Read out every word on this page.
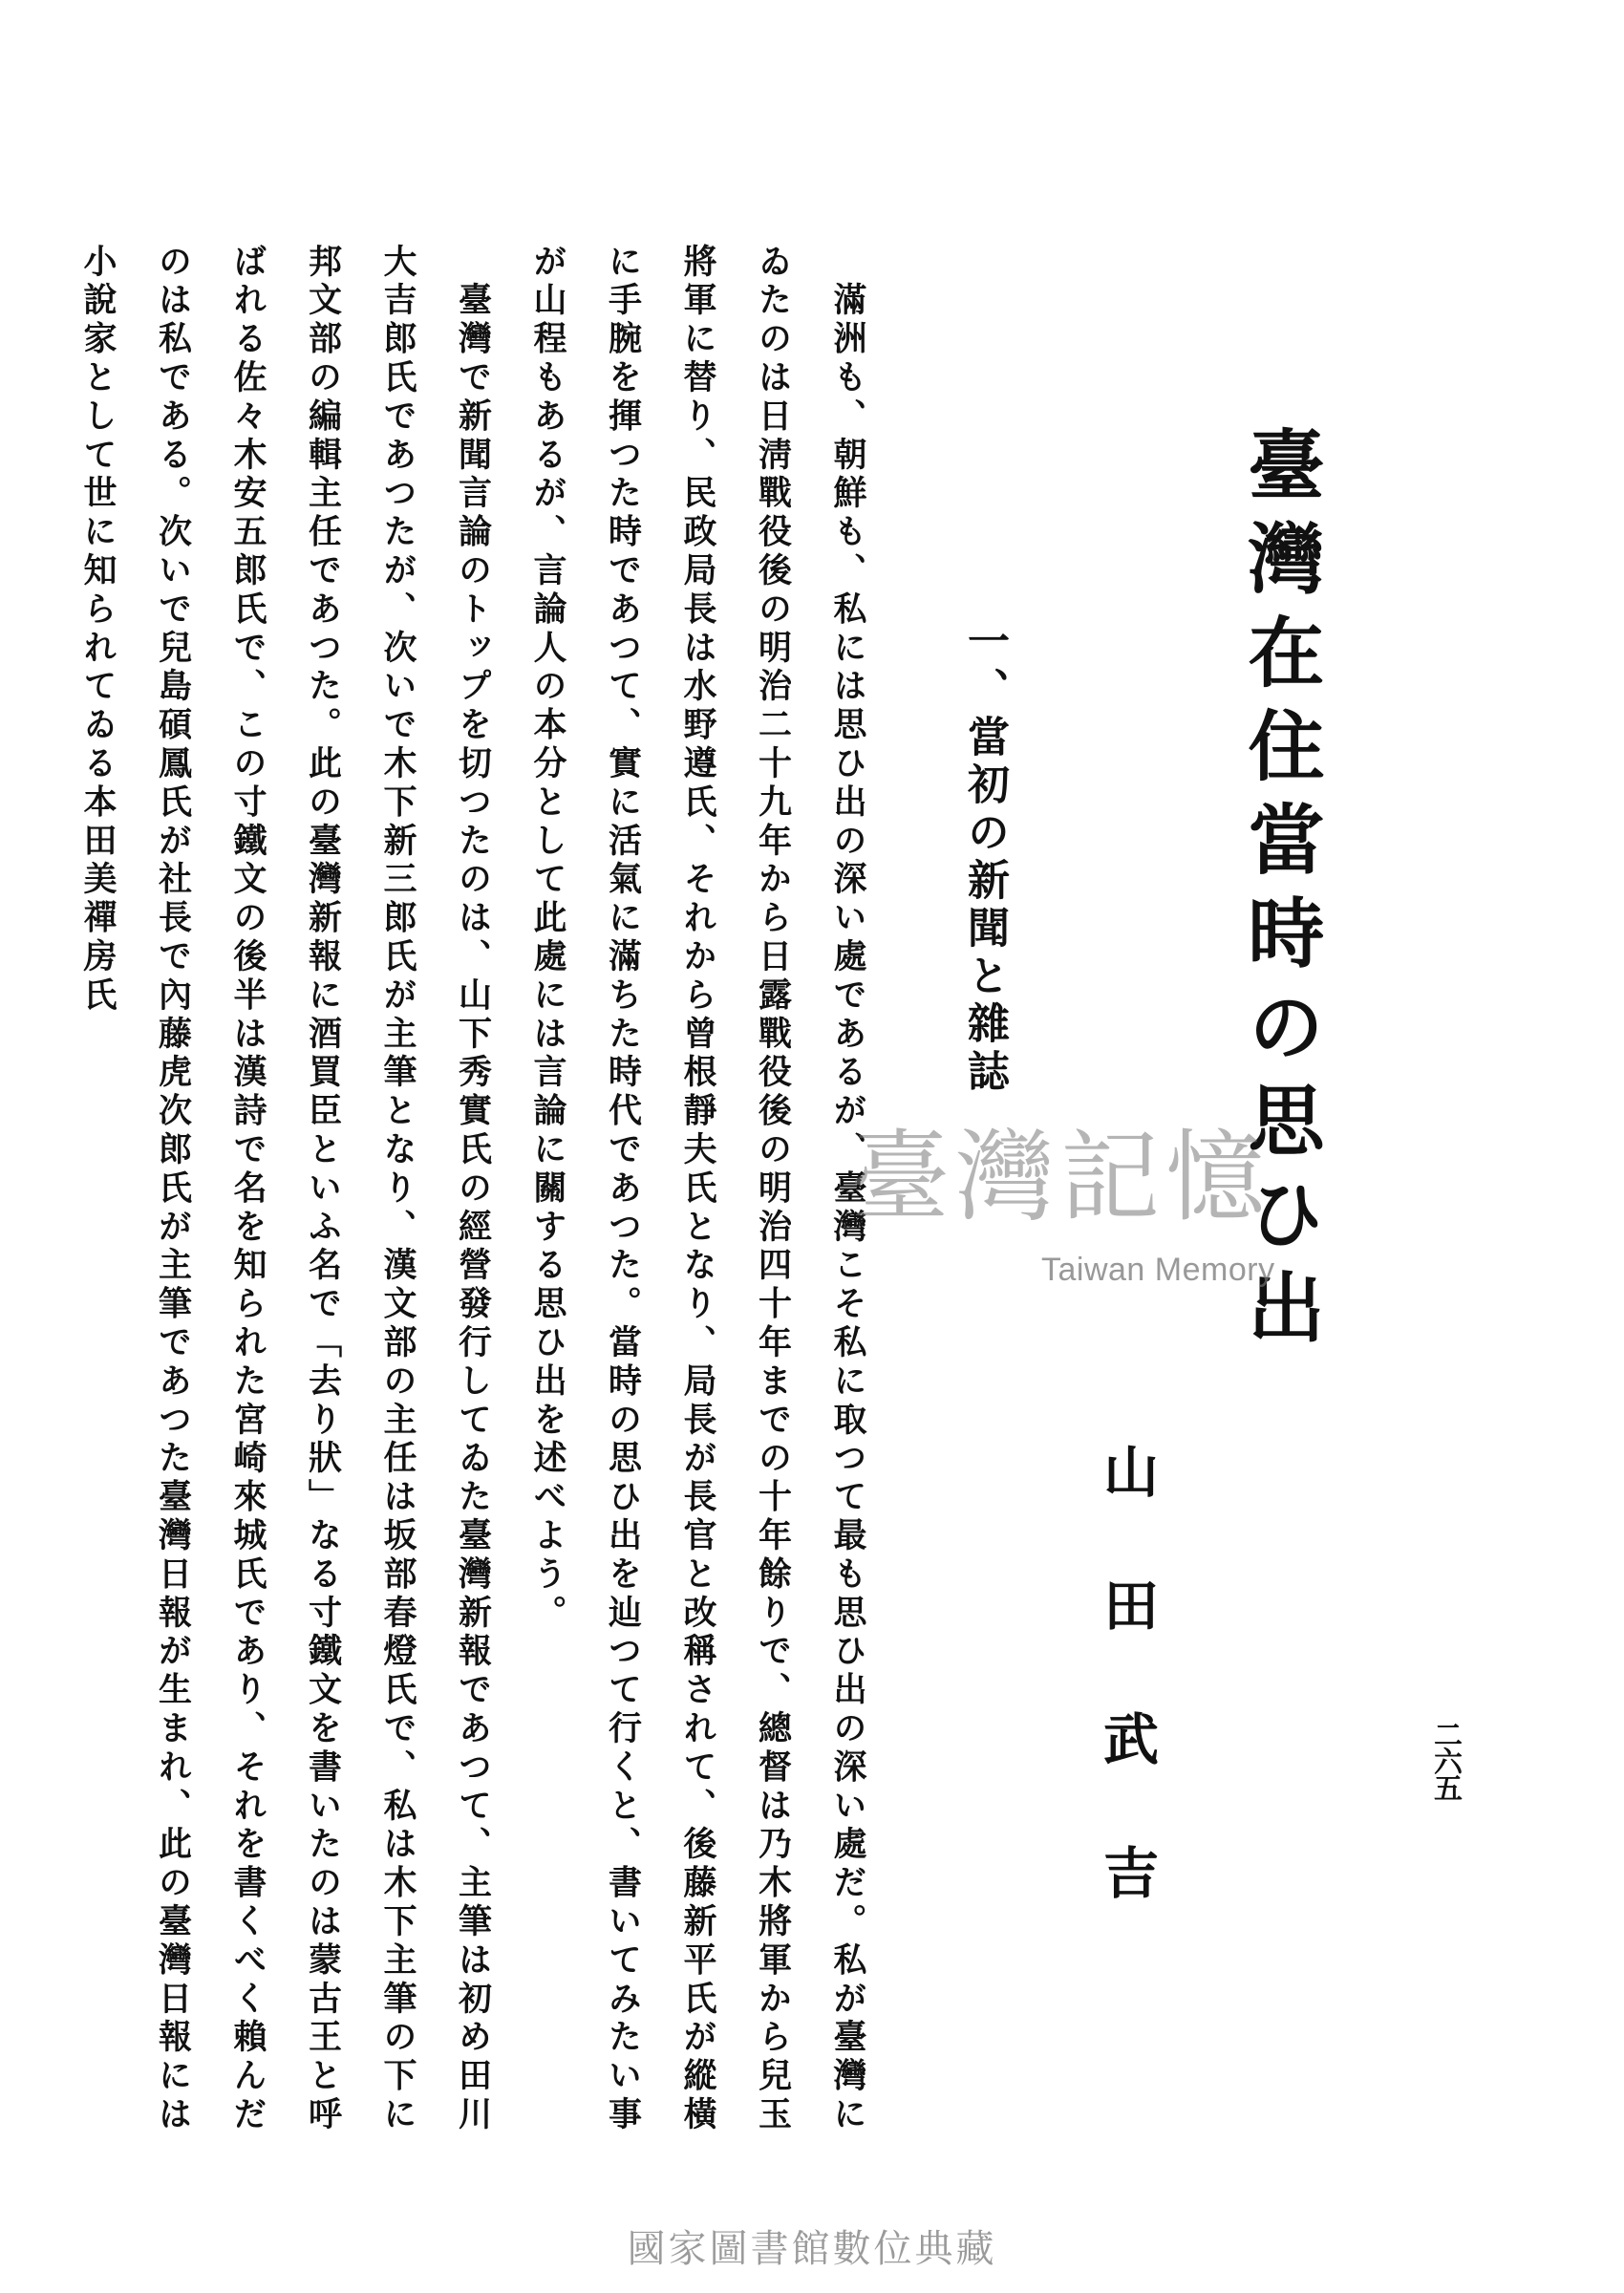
臺灣在住當時の思ひ出
山田武吉	二六五
一、當初の新聞と雜誌

　滿洲も、朝鮮も、私には思ひ出の深い處であるが、臺灣こそ私に取つて最も思ひ出の深い處だ。私が臺灣にゐたのは日淸戰役後の明治二十九年から日露戰役後の明治四十年までの十年餘りで、總督は乃木將軍から兒玉將軍に替り、民政局長は水野遵氏、それから曾根靜夫氏となり、局長が長官と改稱されて、後藤新平氏が縱橫に手腕を揮つた時であつて、實に活氣に滿ちた時代であつた。當時の思ひ出を辿つて行くと、書いてみたい事が山程もあるが、言論人の本分として此處には言論に關する思ひ出を述べよう。

　臺灣で新聞言論のトップを切つたのは、山下秀實氏の經營發行してゐた臺灣新報であつて、主筆は初め田川大吉郎氏であつたが、次いで木下新三郎氏が主筆となり、漢文部の主任は坂部春燈氏で、私は木下主筆の下に邦文部の編輯主任であつた。此の臺灣新報に酒買臣といふ名で「去り狀」なる寸鐵文を書いたのは蒙古王と呼ばれる佐々木安五郎氏で、この寸鐵文の後半は漢詩で名を知られた宮崎來城氏であり、それを書くべく賴んだのは私である。次いで兒島碩鳳氏が社長で內藤虎次郎氏が主筆であつた臺灣日報が生まれ、此の臺灣日報には小說家として世に知られてゐる本田美禪房氏

臺灣記憶
Taiwan Memory
國家圖書館數位典藏
